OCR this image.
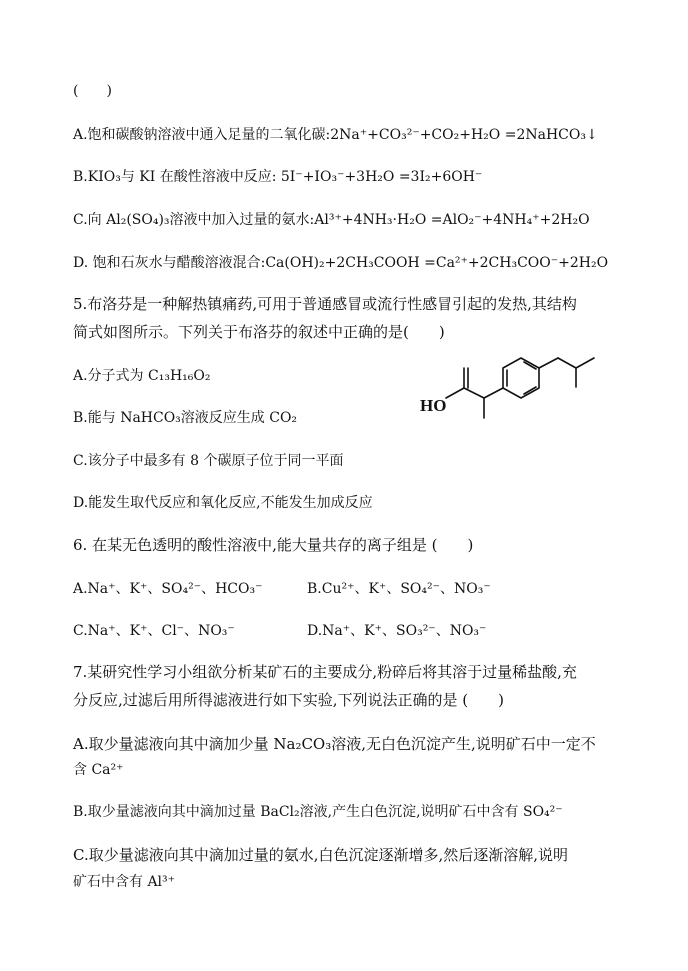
(　　)
A.饱和碳酸钠溶液中通入足量的二氧化碳:2Na⁺+CO₃²⁻+CO₂+H₂O =2NaHCO₃↓
B.KIO₃与 KI 在酸性溶液中反应: 5I⁻+IO₃⁻+3H₂O =3I₂+6OH⁻
C.向 Al₂(SO₄)₃溶液中加入过量的氨水:Al³⁺+4NH₃·H₂O =AlO₂⁻+4NH₄⁺+2H₂O
D. 饱和石灰水与醋酸溶液混合:Ca(OH)₂+2CH₃COOH =Ca²⁺+2CH₃COO⁻+2H₂O
5.布洛芬是一种解热镇痛药,可用于普通感冒或流行性感冒引起的发热,其结构
简式如图所示。下列关于布洛芬的叙述中正确的是(　　)
A.分子式为 C₁₃H₁₆O₂
B.能与 NaHCO₃溶液反应生成 CO₂
C.该分子中最多有 8 个碳原子位于同一平面
D.能发生取代反应和氧化反应,不能发生加成反应
HO
6. 在某无色透明的酸性溶液中,能大量共存的离子组是 (　　)
A.Na⁺、K⁺、SO₄²⁻、HCO₃⁻	B.Cu²⁺、K⁺、SO₄²⁻、NO₃⁻
C.Na⁺、K⁺、Cl⁻、NO₃⁻	D.Na⁺、K⁺、SO₃²⁻、NO₃⁻
7.某研究性学习小组欲分析某矿石的主要成分,粉碎后将其溶于过量稀盐酸,充
分反应,过滤后用所得滤液进行如下实验,下列说法正确的是 (　　)
A.取少量滤液向其中滴加少量 Na₂CO₃溶液,无白色沉淀产生,说明矿石中一定不
含 Ca²⁺
B.取少量滤液向其中滴加过量 BaCl₂溶液,产生白色沉淀,说明矿石中含有 SO₄²⁻
C.取少量滤液向其中滴加过量的氨水,白色沉淀逐渐增多,然后逐渐溶解,说明
矿石中含有 Al³⁺
